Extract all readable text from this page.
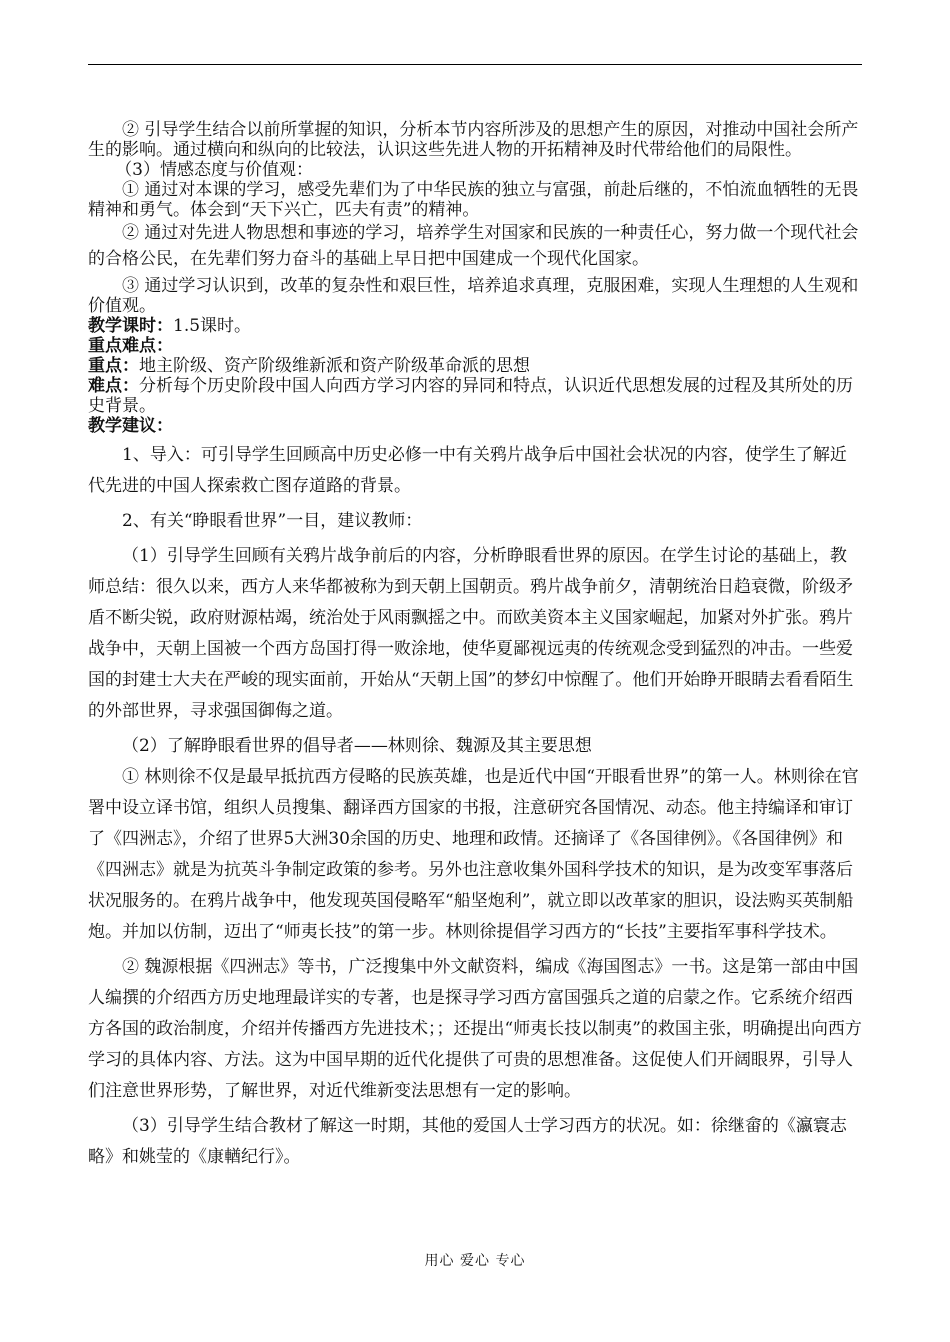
② 引导学生结合以前所掌握的知识，分析本节内容所涉及的思想产生的原因，对推动中国社会所产生的影响。通过横向和纵向的比较法，认识这些先进人物的开拓精神及时代带给他们的局限性。

（3）情感态度与价值观：

① 通过对本课的学习，感受先辈们为了中华民族的独立与富强，前赴后继的，不怕流血牺牲的无畏精神和勇气。体会到“天下兴亡，匹夫有责”的精神。

② 通过对先进人物思想和事迹的学习，培养学生对国家和民族的一种责任心，努力做一个现代社会的合格公民，在先辈们努力奋斗的基础上早日把中国建成一个现代化国家。

③ 通过学习认识到，改革的复杂性和艰巨性，培养追求真理，克服困难，实现人生理想的人生观和价值观。

教学课时：1.5课时。

重点难点：

重点：地主阶级、资产阶级维新派和资产阶级革命派的思想

难点：分析每个历史阶段中国人向西方学习内容的异同和特点，认识近代思想发展的过程及其所处的历史背景。

教学建议：

1、导入：可引导学生回顾高中历史必修一中有关鸦片战争后中国社会状况的内容，使学生了解近代先进的中国人探索救亡图存道路的背景。

2、有关“睁眼看世界”一目，建议教师：

（1）引导学生回顾有关鸦片战争前后的内容，分析睁眼看世界的原因。在学生讨论的基础上，教师总结：很久以来，西方人来华都被称为到天朝上国朝贡。鸦片战争前夕，清朝统治日趋衰微，阶级矛盾不断尖锐，政府财源枯竭，统治处于风雨飘摇之中。而欧美资本主义国家崛起，加紧对外扩张。鸦片战争中，天朝上国被一个西方岛国打得一败涂地，使华夏鄙视远夷的传统观念受到猛烈的冲击。一些爱国的封建士大夫在严峻的现实面前，开始从“天朝上国”的梦幻中惊醒了。他们开始睁开眼睛去看看陌生的外部世界，寻求强国御侮之道。

（2）了解睁眼看世界的倡导者——林则徐、魏源及其主要思想

① 林则徐不仅是最早抵抗西方侵略的民族英雄，也是近代中国“开眼看世界”的第一人。林则徐在官署中设立译书馆，组织人员搜集、翻译西方国家的书报，注意研究各国情况、动态。他主持编译和审订了《四洲志》，介绍了世界5大洲30余国的历史、地理和政情。还摘译了《各国律例》。《各国律例》和《四洲志》就是为抗英斗争制定政策的参考。另外也注意收集外国科学技术的知识，是为改变军事落后状况服务的。在鸦片战争中，他发现英国侵略军“船坚炮利”，就立即以改革家的胆识，设法购买英制船炮。并加以仿制，迈出了“师夷长技”的第一步。林则徐提倡学习西方的“长技”主要指军事科学技术。

② 魏源根据《四洲志》等书，广泛搜集中外文献资料，编成《海国图志》一书。这是第一部由中国人编撰的介绍西方历史地理最详实的专著，也是探寻学习西方富国强兵之道的启蒙之作。它系统介绍西方各国的政治制度，介绍并传播西方先进技术；；还提出“师夷长技以制夷”的救国主张，明确提出向西方学习的具体内容、方法。这为中国早期的近代化提供了可贵的思想准备。这促使人们开阔眼界，引导人们注意世界形势，了解世界，对近代维新变法思想有一定的影响。

（3）引导学生结合教材了解这一时期，其他的爱国人士学习西方的状况。如：徐继畲的《瀛寰志略》和姚莹的《康輶纪行》。

用心 爱心 专心
